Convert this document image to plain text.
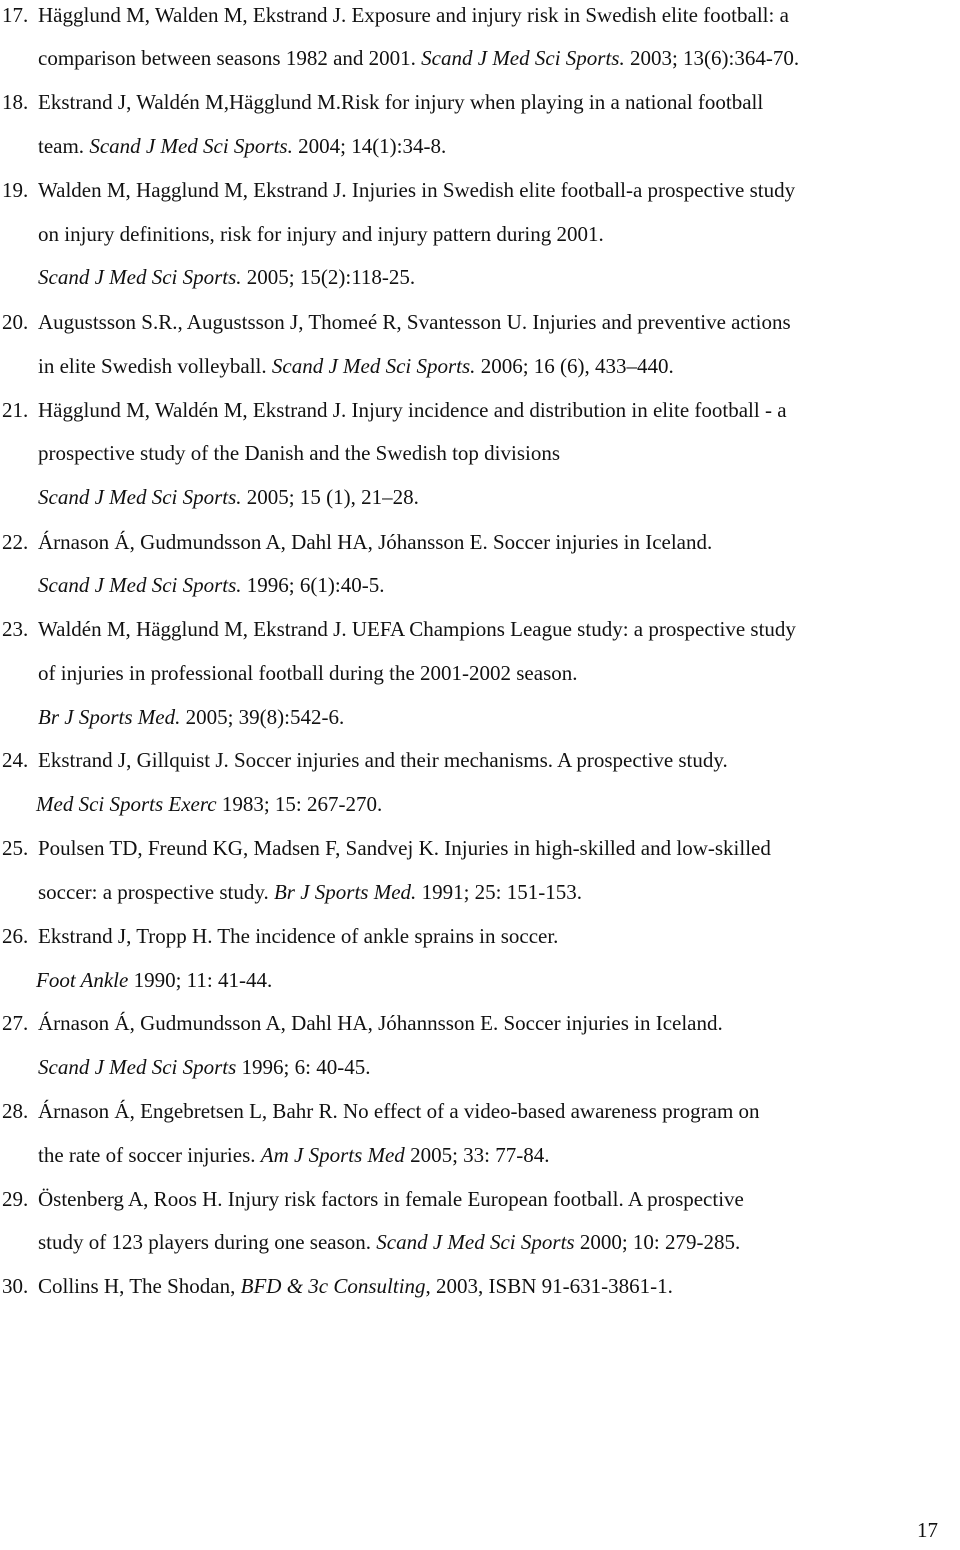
17. Hägglund M, Walden M, Ekstrand J. Exposure and injury risk in Swedish elite football: a
comparison between seasons 1982 and 2001. Scand J Med Sci Sports. 2003; 13(6):364-70.
18. Ekstrand J, Waldén M,Hägglund M.Risk for injury when playing in a national football
team. Scand J Med Sci Sports. 2004; 14(1):34-8.
19. Walden M, Hagglund M, Ekstrand J. Injuries in Swedish elite football-a prospective study
on injury definitions, risk for injury and injury pattern during 2001.
Scand J Med Sci Sports. 2005; 15(2):118-25.
20. Augustsson S.R., Augustsson J, Thomeé R, Svantesson U. Injuries and preventive actions
in elite Swedish volleyball. Scand J Med Sci Sports. 2006; 16 (6), 433–440.
21. Hägglund M, Waldén M, Ekstrand J. Injury incidence and distribution in elite football - a
prospective study of the Danish and the Swedish top divisions
Scand J Med Sci Sports. 2005; 15 (1), 21–28.
22. Árnason Á, Gudmundsson A, Dahl HA, Jóhansson E. Soccer injuries in Iceland.
Scand J Med Sci Sports. 1996; 6(1):40-5.
23. Waldén M, Hägglund M, Ekstrand J. UEFA Champions League study: a prospective study
of injuries in professional football during the 2001-2002 season.
Br J Sports Med. 2005; 39(8):542-6.
24. Ekstrand J, Gillquist J. Soccer injuries and their mechanisms. A prospective study.
Med Sci Sports Exerc 1983; 15: 267-270.
25. Poulsen TD, Freund KG, Madsen F, Sandvej K. Injuries in high-skilled and low-skilled
soccer: a prospective study. Br J Sports Med. 1991; 25: 151-153.
26. Ekstrand J, Tropp H. The incidence of ankle sprains in soccer.
Foot Ankle 1990; 11: 41-44.
27. Árnason Á, Gudmundsson A, Dahl HA, Jóhannsson E. Soccer injuries in Iceland.
Scand J Med Sci Sports 1996; 6: 40-45.
28. Árnason Á, Engebretsen L, Bahr R. No effect of a video-based awareness program on
the rate of soccer injuries. Am J Sports Med 2005; 33: 77-84.
29. Östenberg A, Roos H. Injury risk factors in female European football. A prospective
study of 123 players during one season. Scand J Med Sci Sports 2000; 10: 279-285.
30. Collins H, The Shodan, BFD & 3c Consulting, 2003, ISBN 91-631-3861-1.
17
